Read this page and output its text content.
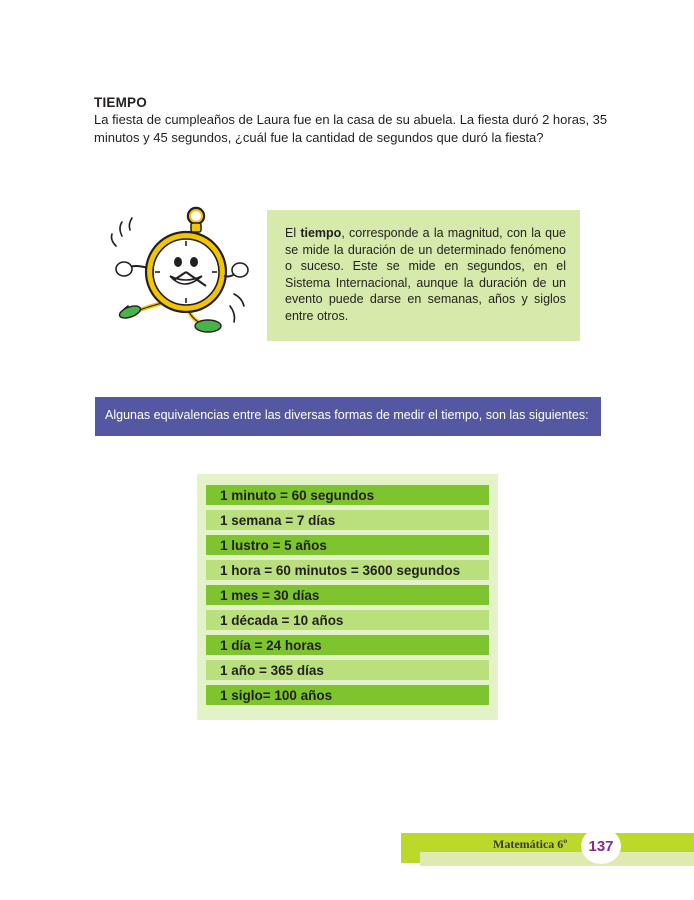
TIEMPO
La fiesta de cumpleaños de Laura fue en la casa de su abuela. La fiesta duró 2 horas, 35
minutos y 45 segundos, ¿cuál fue la cantidad de segundos que duró la fiesta?
El tiempo, corresponde a la magnitud, con la que se mide la duración de un determinado fenómeno o suceso. Este se mide en segundos, en el Sistema Internacional, aunque la duración de un evento puede darse en semanas, años y siglos entre otros.
Algunas equivalencias entre las diversas formas de medir el tiempo, son las siguientes:
1 minuto = 60 segundos
1 semana = 7 días
1 lustro = 5 años
1 hora = 60 minutos = 3600 segundos
1 mes = 30 días
1 década = 10 años
1 día = 24 horas
1 año = 365 días
1 siglo= 100 años
Matemática 6º	137
